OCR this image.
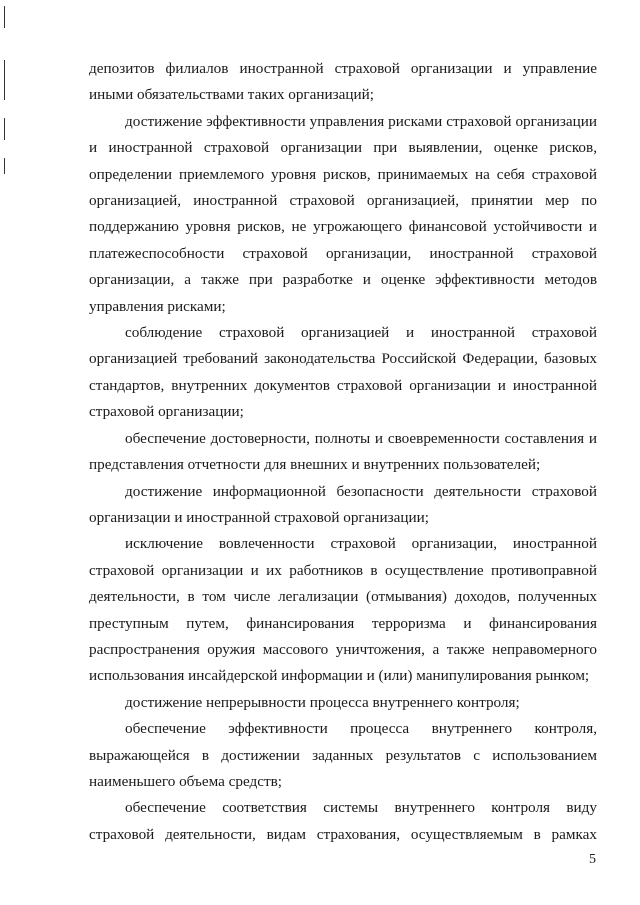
депозитов филиалов иностранной страховой организации и управление иными обязательствами таких организаций;

достижение эффективности управления рисками страховой организации и иностранной страховой организации при выявлении, оценке рисков, определении приемлемого уровня рисков, принимаемых на себя страховой организацией, иностранной страховой организацией, принятии мер по поддержанию уровня рисков, не угрожающего финансовой устойчивости и платежеспособности страховой организации, иностранной страховой организации, а также при разработке и оценке эффективности методов управления рисками;

соблюдение страховой организацией и иностранной страховой организацией требований законодательства Российской Федерации, базовых стандартов, внутренних документов страховой организации и иностранной страховой организации;

обеспечение достоверности, полноты и своевременности составления и представления отчетности для внешних и внутренних пользователей;

достижение информационной безопасности деятельности страховой организации и иностранной страховой организации;

исключение вовлеченности страховой организации, иностранной страховой организации и их работников в осуществление противоправной деятельности, в том числе легализации (отмывания) доходов, полученных преступным путем, финансирования терроризма и финансирования распространения оружия массового уничтожения, а также неправомерного использования инсайдерской информации и (или) манипулирования рынком;

достижение непрерывности процесса внутреннего контроля;

обеспечение эффективности процесса внутреннего контроля, выражающейся в достижении заданных результатов с использованием наименьшего объема средств;

обеспечение соответствия системы внутреннего контроля виду страховой деятельности, видам страхования, осуществляемым в рамках

5
